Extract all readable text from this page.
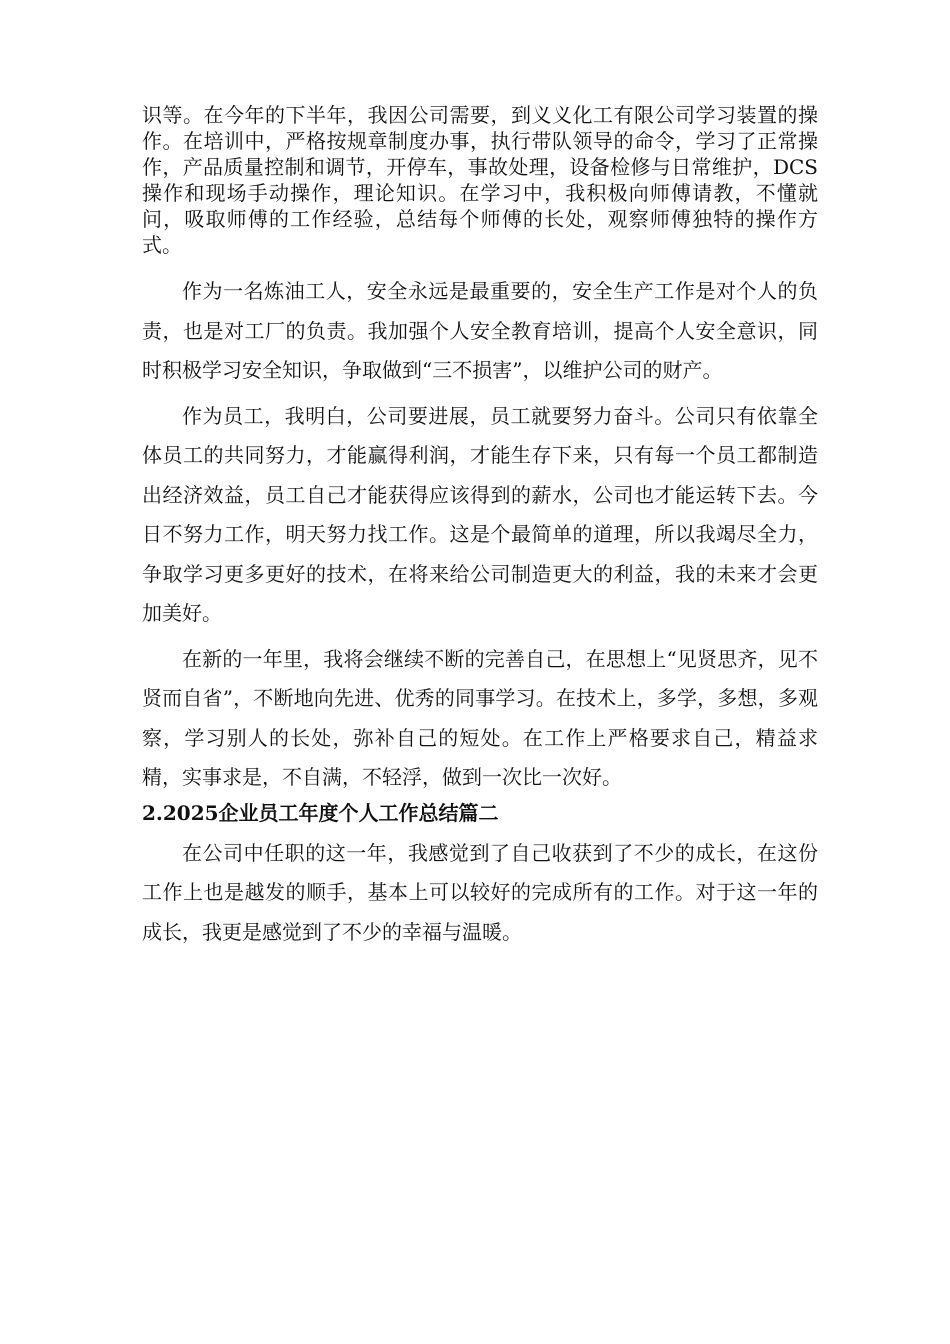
识等。在今年的下半年，我因公司需要，到义义化工有限公司学习装置的操作。在培训中，严格按规章制度办事，执行带队领导的命令，学习了正常操作，产品质量控制和调节，开停车，事故处理，设备检修与日常维护，DCS操作和现场手动操作，理论知识。在学习中，我积极向师傅请教，不懂就问，吸取师傅的工作经验，总结每个师傅的长处，观察师傅独特的操作方式。

作为一名炼油工人，安全永远是最重要的，安全生产工作是对个人的负责，也是对工厂的负责。我加强个人安全教育培训，提高个人安全意识，同时积极学习安全知识，争取做到“三不损害”，以维护公司的财产。

作为员工，我明白，公司要进展，员工就要努力奋斗。公司只有依靠全体员工的共同努力，才能赢得利润，才能生存下来，只有每一个员工都制造出经济效益，员工自己才能获得应该得到的薪水，公司也才能运转下去。今日不努力工作，明天努力找工作。这是个最简单的道理，所以我竭尽全力，争取学习更多更好的技术，在将来给公司制造更大的利益，我的未来才会更加美好。

在新的一年里，我将会继续不断的完善自己，在思想上“见贤思齐，见不贤而自省”，不断地向先进、优秀的同事学习。在技术上，多学，多想，多观察，学习别人的长处，弥补自己的短处。在工作上严格要求自己，精益求精，实事求是，不自满，不轻浮，做到一次比一次好。

2.2025企业员工年度个人工作总结篇二

在公司中任职的这一年，我感觉到了自己收获到了不少的成长，在这份工作上也是越发的顺手，基本上可以较好的完成所有的工作。对于这一年的成长，我更是感觉到了不少的幸福与温暖。
